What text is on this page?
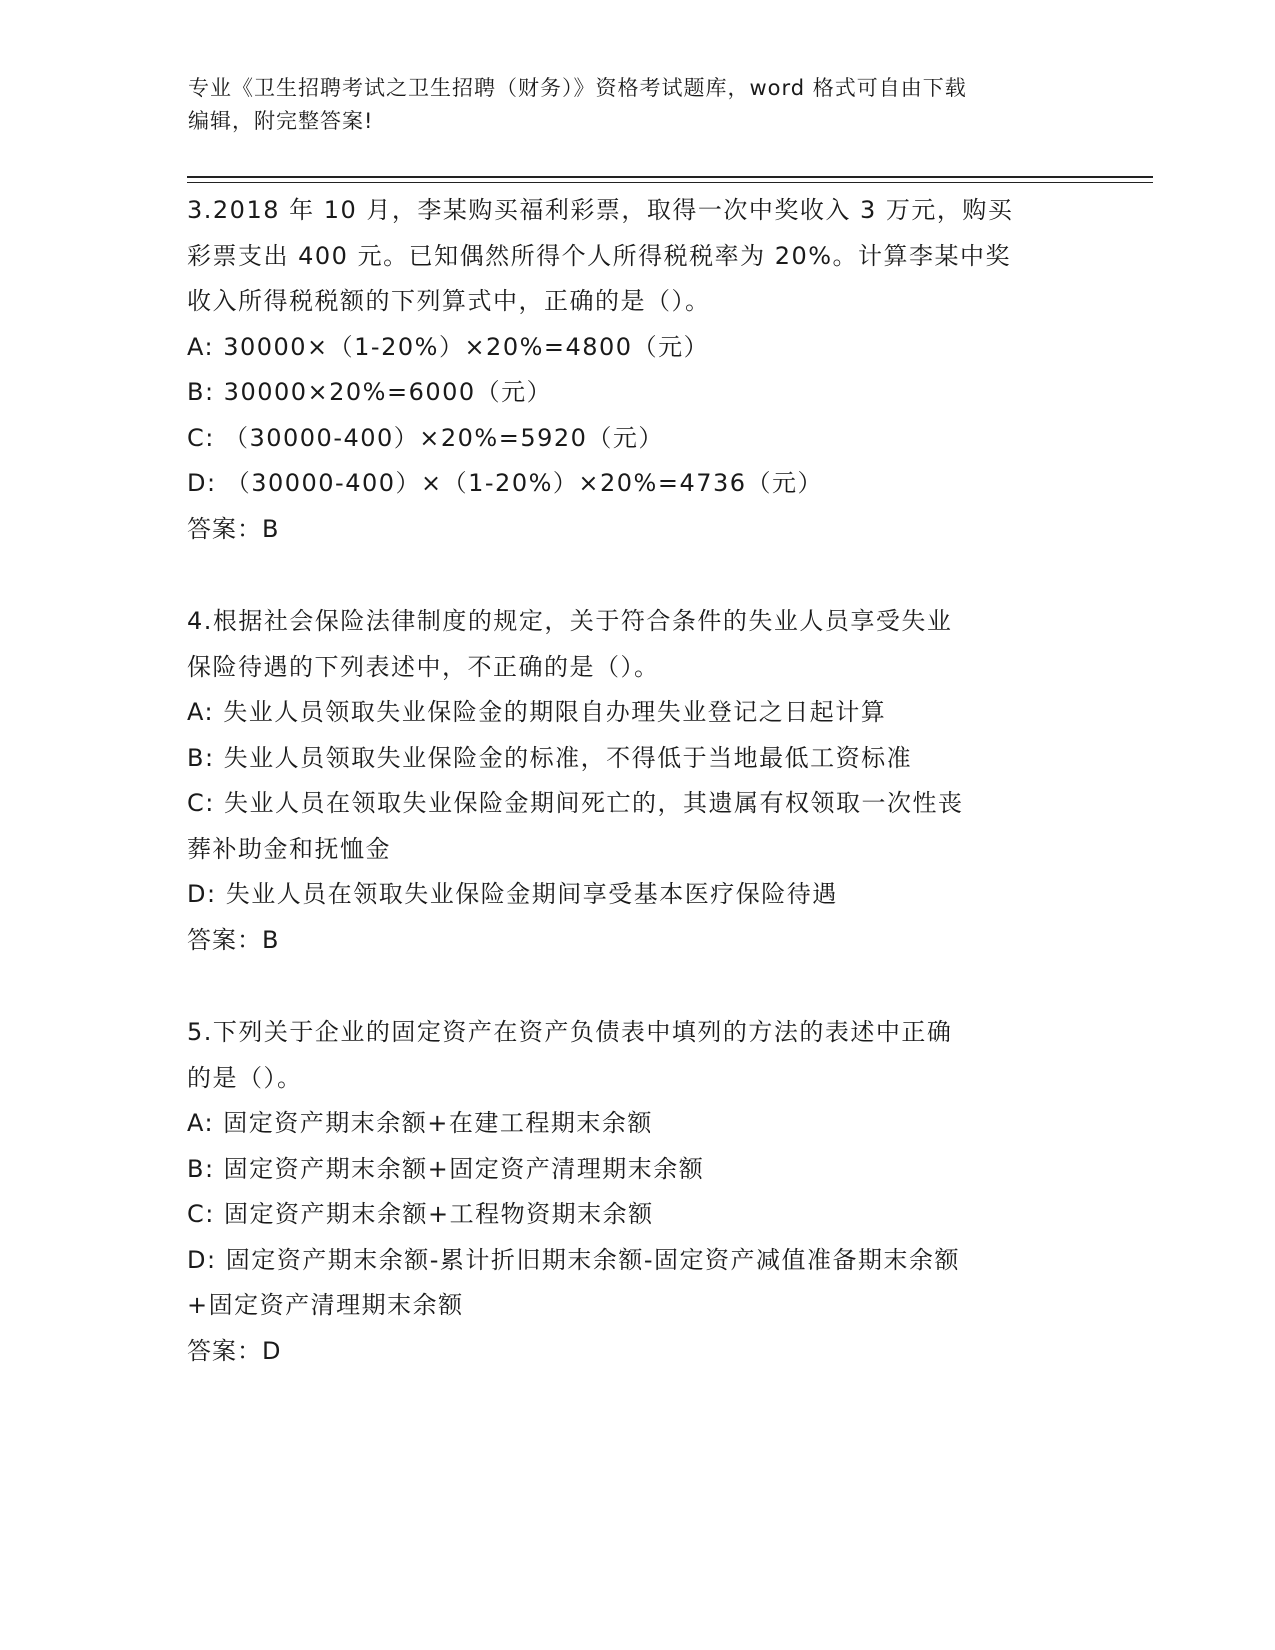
专业《卫生招聘考试之卫生招聘（财务）》资格考试题库，word 格式可自由下载
编辑，附完整答案!
3.2018 年 10 月，李某购买福利彩票，取得一次中奖收入 3 万元，购买
彩票支出 400 元。已知偶然所得个人所得税税率为 20%。计算李某中奖
收入所得税税额的下列算式中，正确的是（）。
A: 30000×（1-20%）×20%=4800（元）
B: 30000×20%=6000（元）
C: （30000-400）×20%=5920（元）
D: （30000-400）×（1-20%）×20%=4736（元）
答案：B
4.根据社会保险法律制度的规定，关于符合条件的失业人员享受失业
保险待遇的下列表述中，不正确的是（）。
A: 失业人员领取失业保险金的期限自办理失业登记之日起计算
B: 失业人员领取失业保险金的标准，不得低于当地最低工资标准
C: 失业人员在领取失业保险金期间死亡的，其遗属有权领取一次性丧
葬补助金和抚恤金
D: 失业人员在领取失业保险金期间享受基本医疗保险待遇
答案：B
5.下列关于企业的固定资产在资产负债表中填列的方法的表述中正确
的是（）。
A: 固定资产期末余额+在建工程期末余额
B: 固定资产期末余额+固定资产清理期末余额
C: 固定资产期末余额+工程物资期末余额
D: 固定资产期末余额-累计折旧期末余额-固定资产减值准备期末余额
+固定资产清理期末余额
答案：D
